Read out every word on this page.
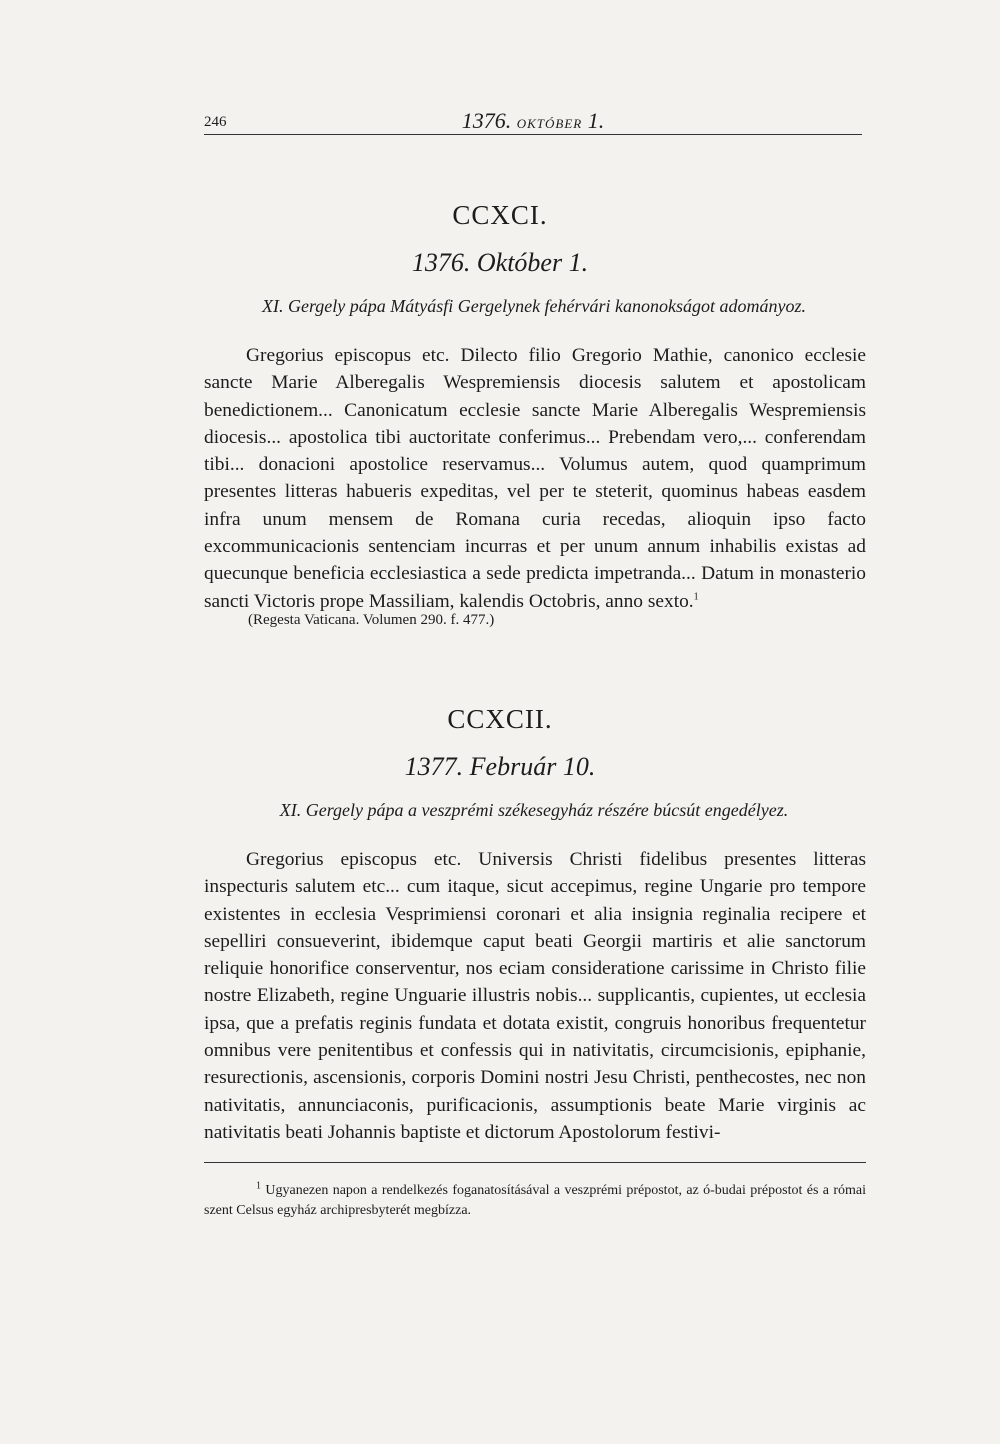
246	1376. OKTÓBER 1.
CCXCI.
1376. Október 1.
XI. Gergely pápa Mátyásfi Gergelynek fehérvári kanonokságot adományoz.
Gregorius episcopus etc. Dilecto filio Gregorio Mathie, canonico ecclesie sancte Marie Alberegalis Wespremiensis diocesis salutem et apostolicam benedictionem... Canonicatum ecclesie sancte Marie Alberegalis Wespremiensis diocesis... apostolica tibi auctoritate conferimus... Prebendam vero,... conferendam tibi... donacioni apostolice reservamus... Volumus autem, quod quamprimum presentes litteras habueris expeditas, vel per te steterit, quominus habeas easdem infra unum mensem de Romana curia recedas, alioquin ipso facto excommunicacionis sentenciam incurras et per unum annum inhabilis existas ad quecunque beneficia ecclesiastica a sede predicta impetranda... Datum in monasterio sancti Victoris prope Massiliam, kalendis Octobris, anno sexto.$^1$
(Regesta Vaticana. Volumen 290. f. 477.)
CCXCII.
1377. Február 10.
XI. Gergely pápa a veszprémi székesegyház részére búcsút engedélyez.
Gregorius episcopus etc. Universis Christi fidelibus presentes litteras inspecturis salutem etc... cum itaque, sicut accepimus, regine Ungarie pro tempore existentes in ecclesia Vesprimiensi coronari et alia insignia reginalia recipere et sepelliri consueverint, ibidemque caput beati Georgii martiris et alie sanctorum reliquie honorifice conserventur, nos eciam consideratione carissime in Christo filie nostre Elizabeth, regine Unguarie illustris nobis... supplicantis, cupientes, ut ecclesia ipsa, que a prefatis reginis fundata et dotata existit, congruis honoribus frequentetur omnibus vere penitentibus et confessis qui in nativitatis, circumcisionis, epiphanie, resurectionis, ascensionis, corporis Domini nostri Jesu Christi, penthecostes, nec non nativitatis, annunciaconis, purificacionis, assumptionis beate Marie virginis ac nativitatis beati Johannis baptiste et dictorum Apostolorum festivi-
$^1$ Ugyanezen napon a rendelkezés foganatosításával a veszprémi prépostot, az ó-budai prépostot és a római szent Celsus egyház archipresbyterét megbízza.
